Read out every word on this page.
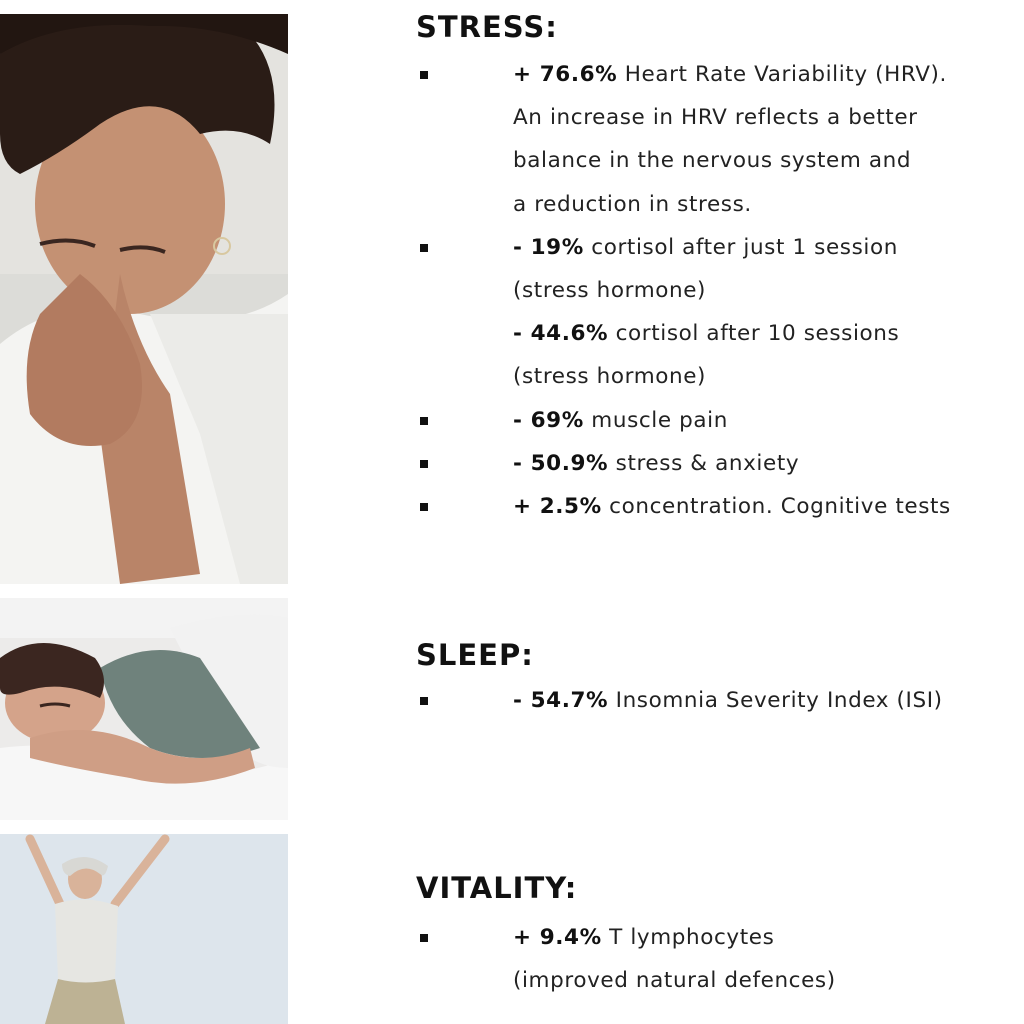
STRESS:
+ 76.6% Heart Rate Variability (HRV).
An increase in HRV reflects a better
balance in the nervous system and
a reduction in stress.
- 19% cortisol after just 1 session
(stress hormone)
- 44.6% cortisol after 10 sessions
(stress hormone)
- 69% muscle pain
- 50.9% stress & anxiety
+ 2.5% concentration. Cognitive tests
SLEEP:
- 54.7% Insomnia Severity Index (ISI)
VITALITY:
+ 9.4% T lymphocytes
(improved natural defences)
